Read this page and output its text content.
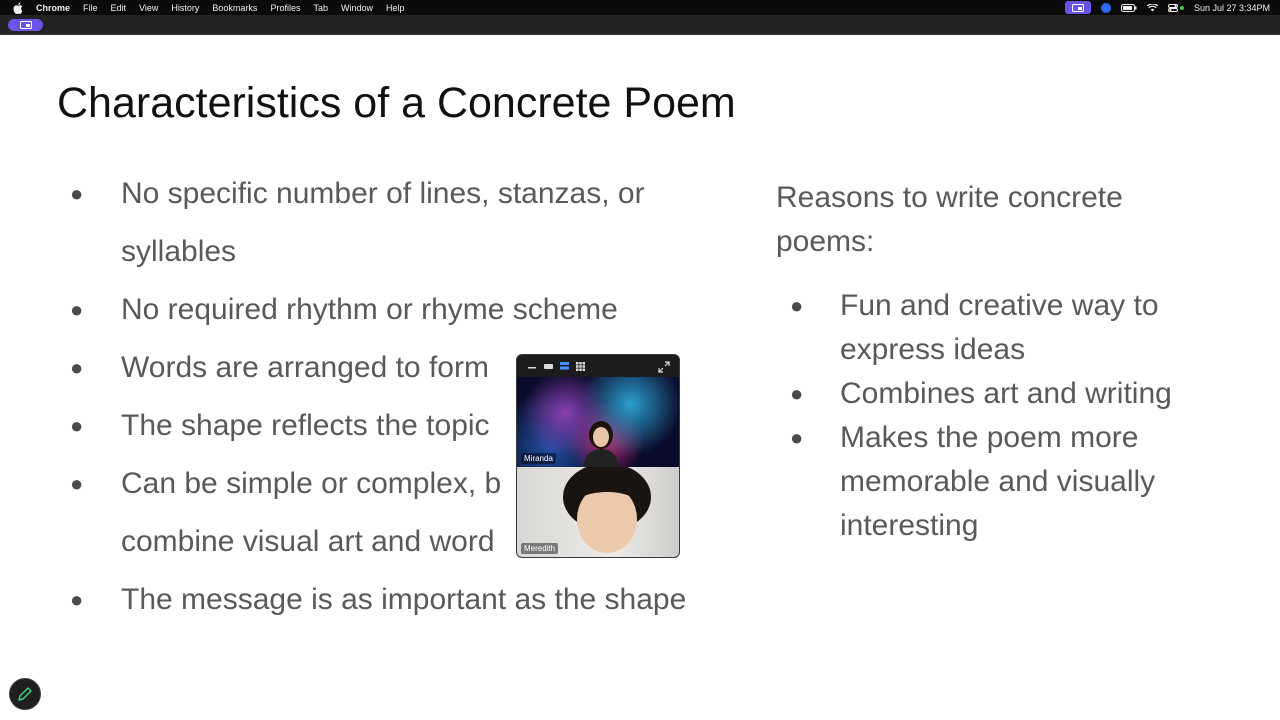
Chrome File Edit View History Bookmarks Profiles Tab Window Help	Sun Jul 27 3:34PM
Characteristics of a Concrete Poem
● No specific number of lines, stanzas, or syllables
● No required rhythm or rhyme scheme
● Words are arranged to form
● The shape reflects the topic
● Can be simple or complex, b
combine visual art and word
● The message is as important as the shape
Reasons to write concrete poems:
● Fun and creative way to express ideas
● Combines art and writing
● Makes the poem more memorable and visually interesting
Miranda
Meredith
